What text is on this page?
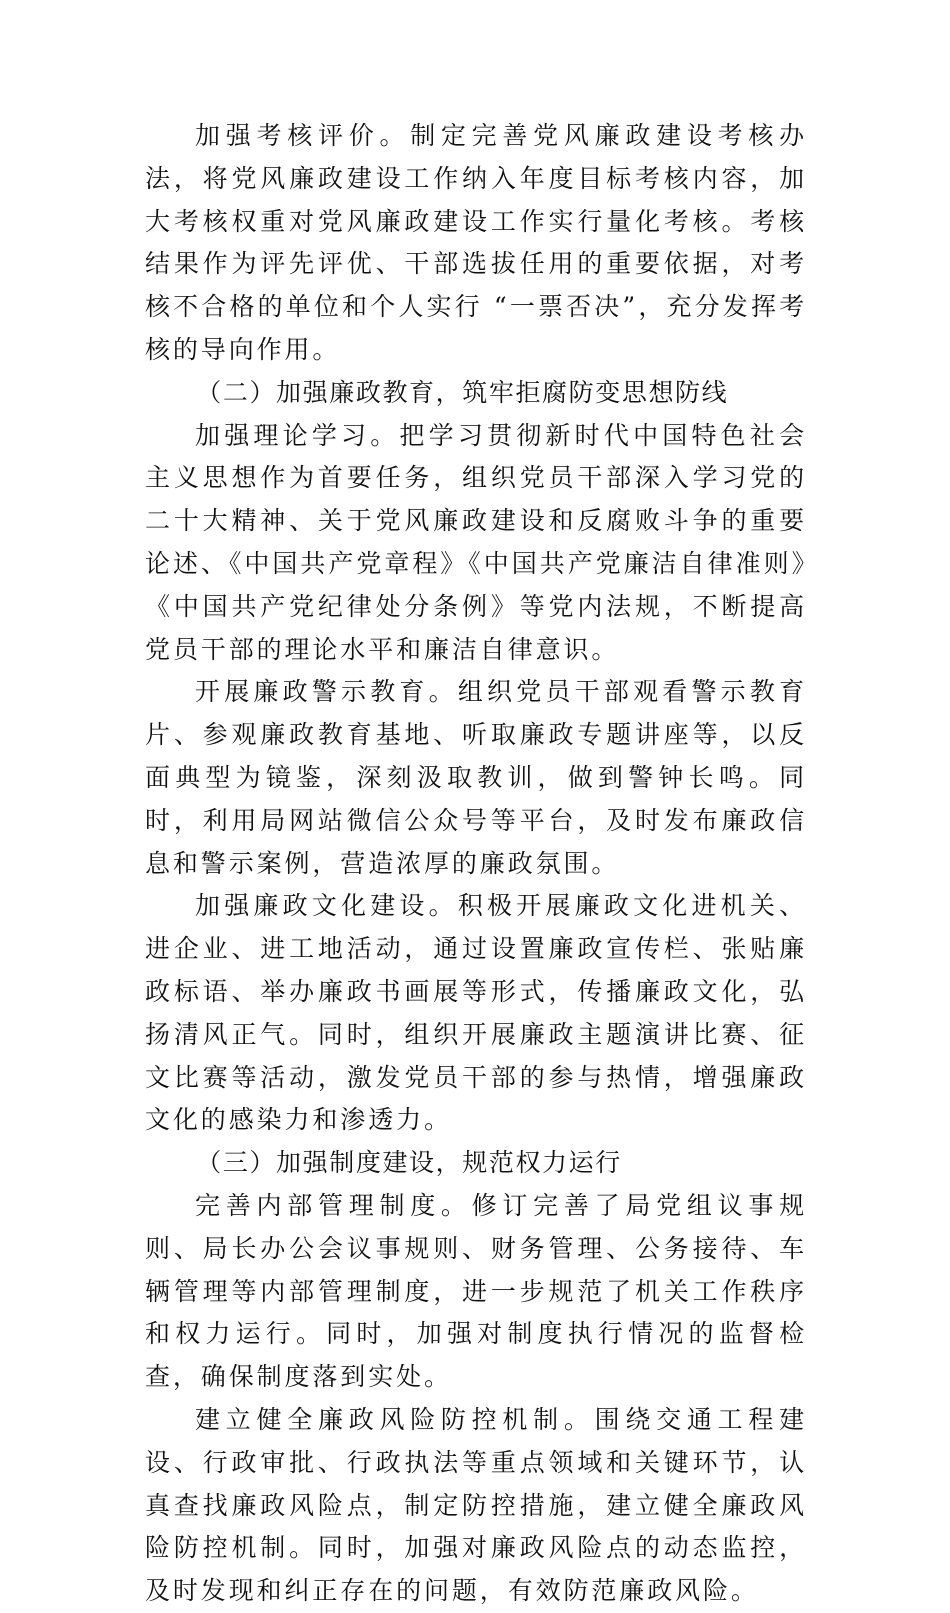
加强考核评价。制定完善党风廉政建设考核办法，将党风廉政建设工作纳入年度目标考核内容，加大考核权重对党风廉政建设工作实行量化考核。考核结果作为评先评优、干部选拔任用的重要依据，对考核不合格的单位和个人实行 “一票否决”，充分发挥考核的导向作用。

（二）加强廉政教育，筑牢拒腐防变思想防线

加强理论学习。把学习贯彻新时代中国特色社会主义思想作为首要任务，组织党员干部深入学习党的二十大精神、关于党风廉政建设和反腐败斗争的重要论述、《中国共产党章程》《中国共产党廉洁自律准则》《中国共产党纪律处分条例》等党内法规，不断提高党员干部的理论水平和廉洁自律意识。

开展廉政警示教育。组织党员干部观看警示教育片、参观廉政教育基地、听取廉政专题讲座等，以反面典型为镜鉴，深刻汲取教训，做到警钟长鸣。同时，利用局网站微信公众号等平台，及时发布廉政信息和警示案例，营造浓厚的廉政氛围。

加强廉政文化建设。积极开展廉政文化进机关、进企业、进工地活动，通过设置廉政宣传栏、张贴廉政标语、举办廉政书画展等形式，传播廉政文化，弘扬清风正气。同时，组织开展廉政主题演讲比赛、征文比赛等活动，激发党员干部的参与热情，增强廉政文化的感染力和渗透力。

（三）加强制度建设，规范权力运行

完善内部管理制度。修订完善了局党组议事规则、局长办公会议事规则、财务管理、公务接待、车辆管理等内部管理制度，进一步规范了机关工作秩序和权力运行。同时，加强对制度执行情况的监督检查，确保制度落到实处。

建立健全廉政风险防控机制。围绕交通工程建设、行政审批、行政执法等重点领域和关键环节，认真查找廉政风险点，制定防控措施，建立健全廉政风险防控机制。同时，加强对廉政风险点的动态监控，及时发现和纠正存在的问题，有效防范廉政风险。
